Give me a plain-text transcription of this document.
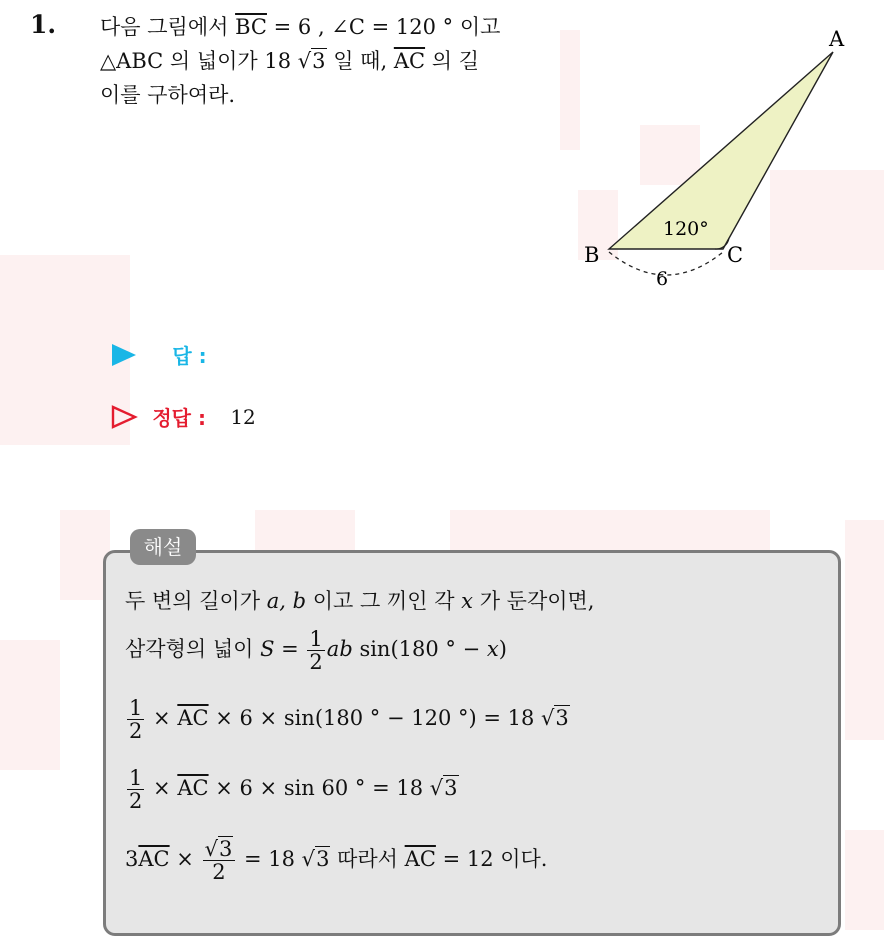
1. 다음 그림에서 $\overline{BC} = 6$ , ∠C = 120 ° 이고
△ABC 의 넓이가 18 √3 일 때, $\overline{AC}$ 의 길
이를 구하여라.
A
B	C
120°
6
답 :
정답 : 12
해설
두 변의 길이가 a, b 이고 그 끼인 각 x 가 둔각이면,
삼각형의 넓이 $S = \frac{1}{2}$ ab sin(180 ° − x)
$\frac{1}{2} \times \overline{AC} \times 6 \times \sin(180$ ° − 120 °) = 18 √3
$\frac{1}{2} \times \overline{AC} \times 6 \times \sin 60$ ° = 18 √3
$3\overline{AC} \times \frac{√3}{2} = 18$ √3 따라서 $\overline{AC} = 12$ 이다.
